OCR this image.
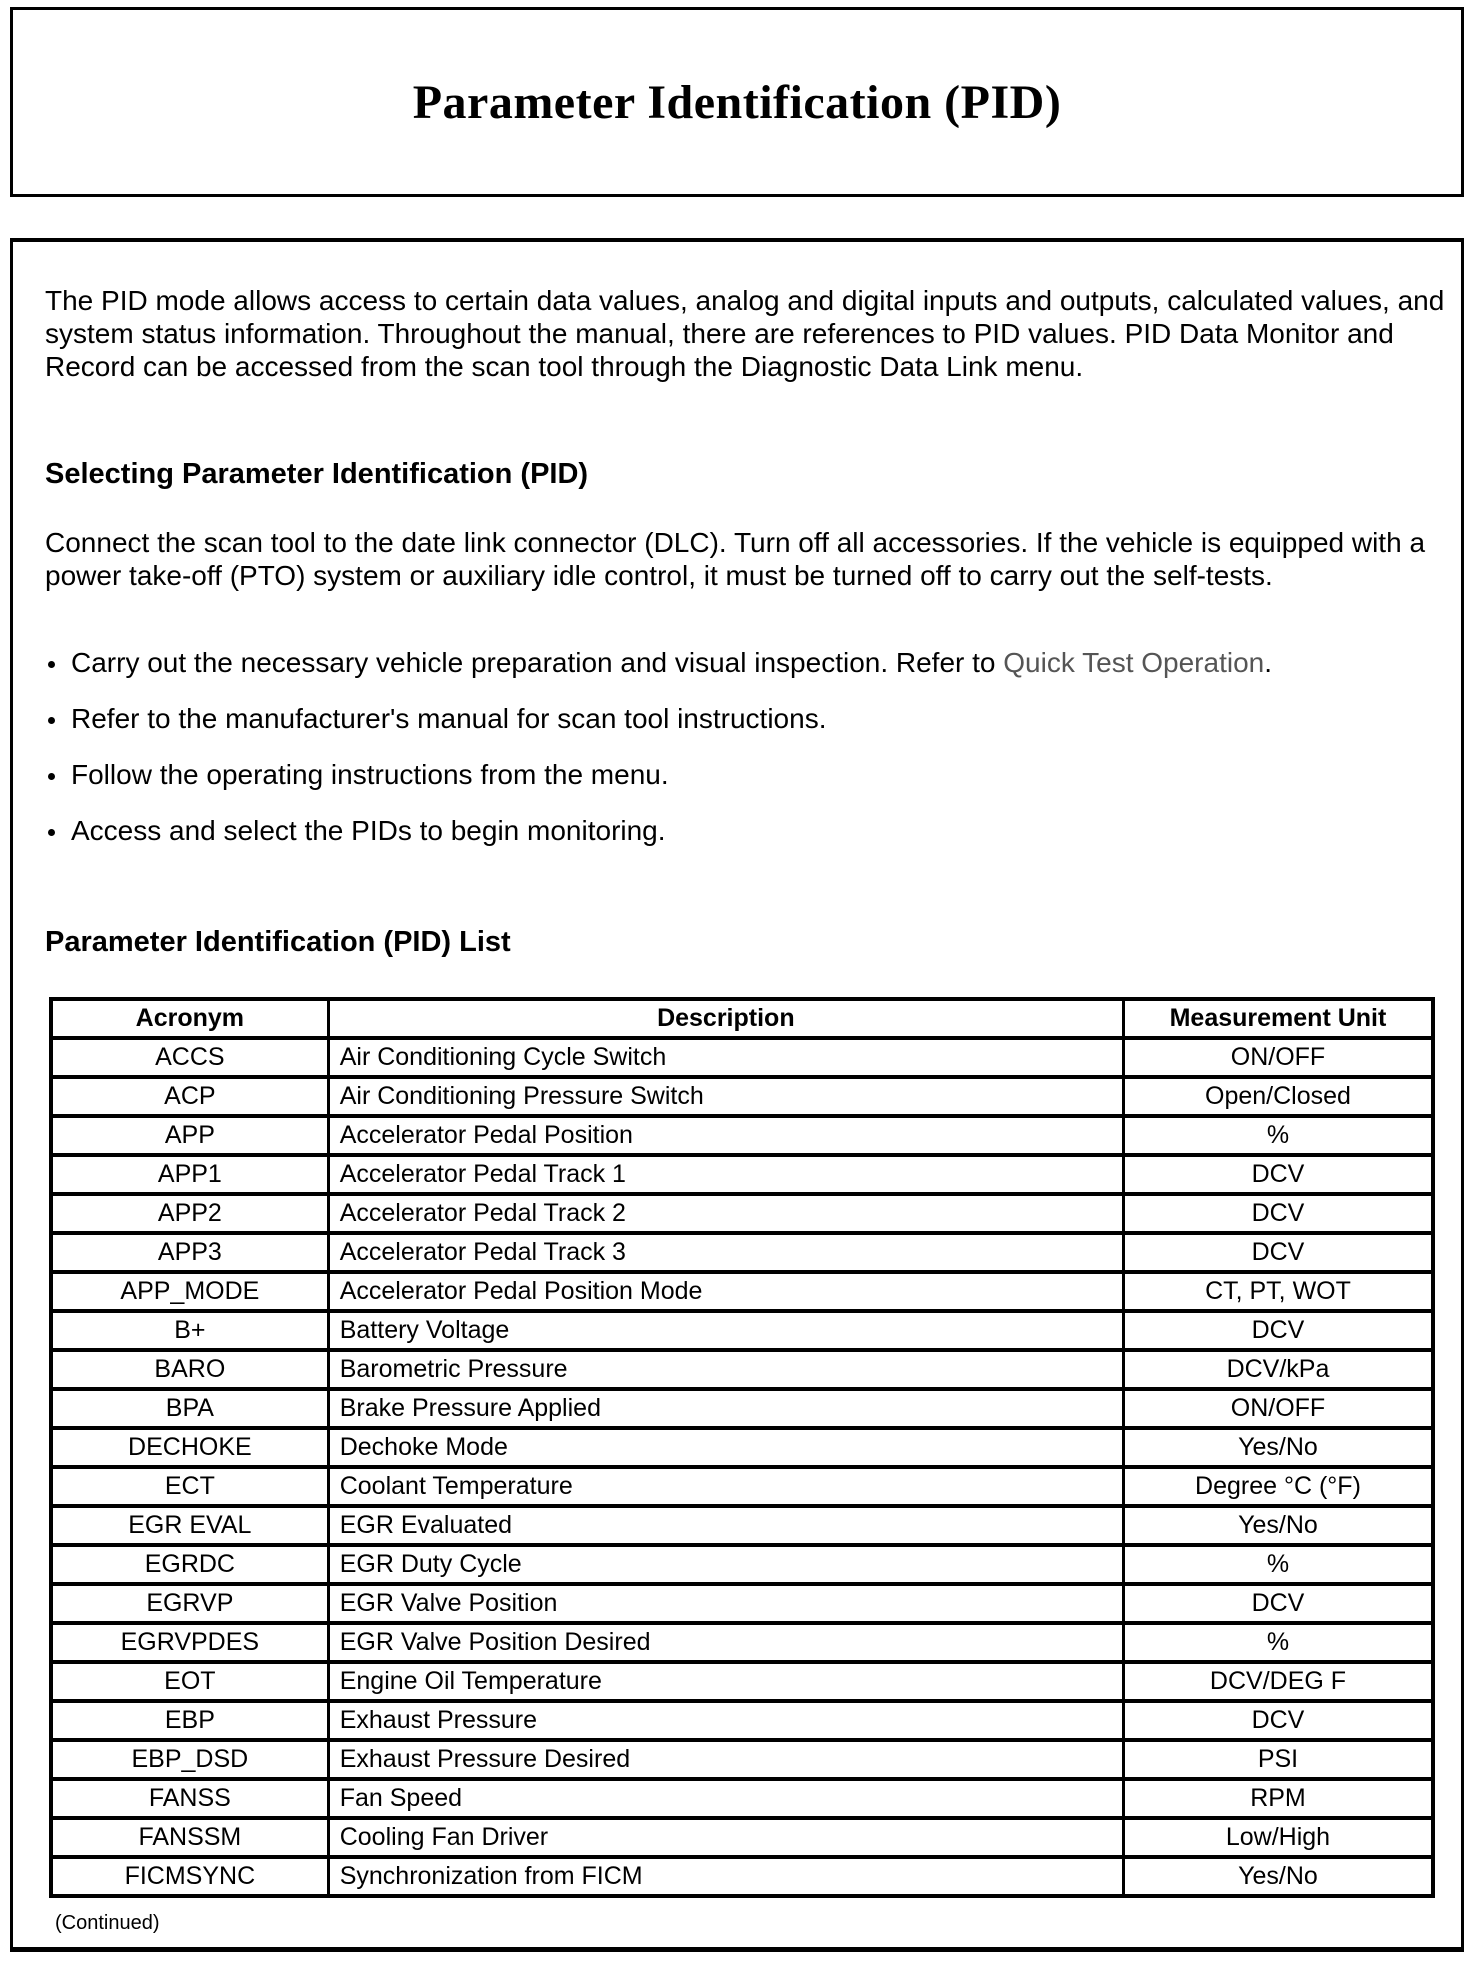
Parameter Identification (PID)

The PID mode allows access to certain data values, analog and digital inputs and outputs, calculated values, and system status information. Throughout the manual, there are references to PID values. PID Data Monitor and Record can be accessed from the scan tool through the Diagnostic Data Link menu.

Selecting Parameter Identification (PID)

Connect the scan tool to the date link connector (DLC). Turn off all accessories. If the vehicle is equipped with a power take-off (PTO) system or auxiliary idle control, it must be turned off to carry out the self-tests.

Carry out the necessary vehicle preparation and visual inspection. Refer to Quick Test Operation.
Refer to the manufacturer's manual for scan tool instructions.
Follow the operating instructions from the menu.
Access and select the PIDs to begin monitoring.
Parameter Identification (PID) List
Acronym	Description	Measurement Unit
ACCS	Air Conditioning Cycle Switch	ON/OFF
ACP	Air Conditioning Pressure Switch	Open/Closed
APP	Accelerator Pedal Position	%
APP1	Accelerator Pedal Track 1	DCV
APP2	Accelerator Pedal Track 2	DCV
APP3	Accelerator Pedal Track 3	DCV
APP_MODE	Accelerator Pedal Position Mode	CT, PT, WOT
B+	Battery Voltage	DCV
BARO	Barometric Pressure	DCV/kPa
BPA	Brake Pressure Applied	ON/OFF
DECHOKE	Dechoke Mode	Yes/No
ECT	Coolant Temperature	Degree °C (°F)
EGR EVAL	EGR Evaluated	Yes/No
EGRDC	EGR Duty Cycle	%
EGRVP	EGR Valve Position	DCV
EGRVPDES	EGR Valve Position Desired	%
EOT	Engine Oil Temperature	DCV/DEG F
EBP	Exhaust Pressure	DCV
EBP_DSD	Exhaust Pressure Desired	PSI
FANSS	Fan Speed	RPM
FANSSM	Cooling Fan Driver	Low/High
FICMSYNC	Synchronization from FICM	Yes/No
(Continued)
